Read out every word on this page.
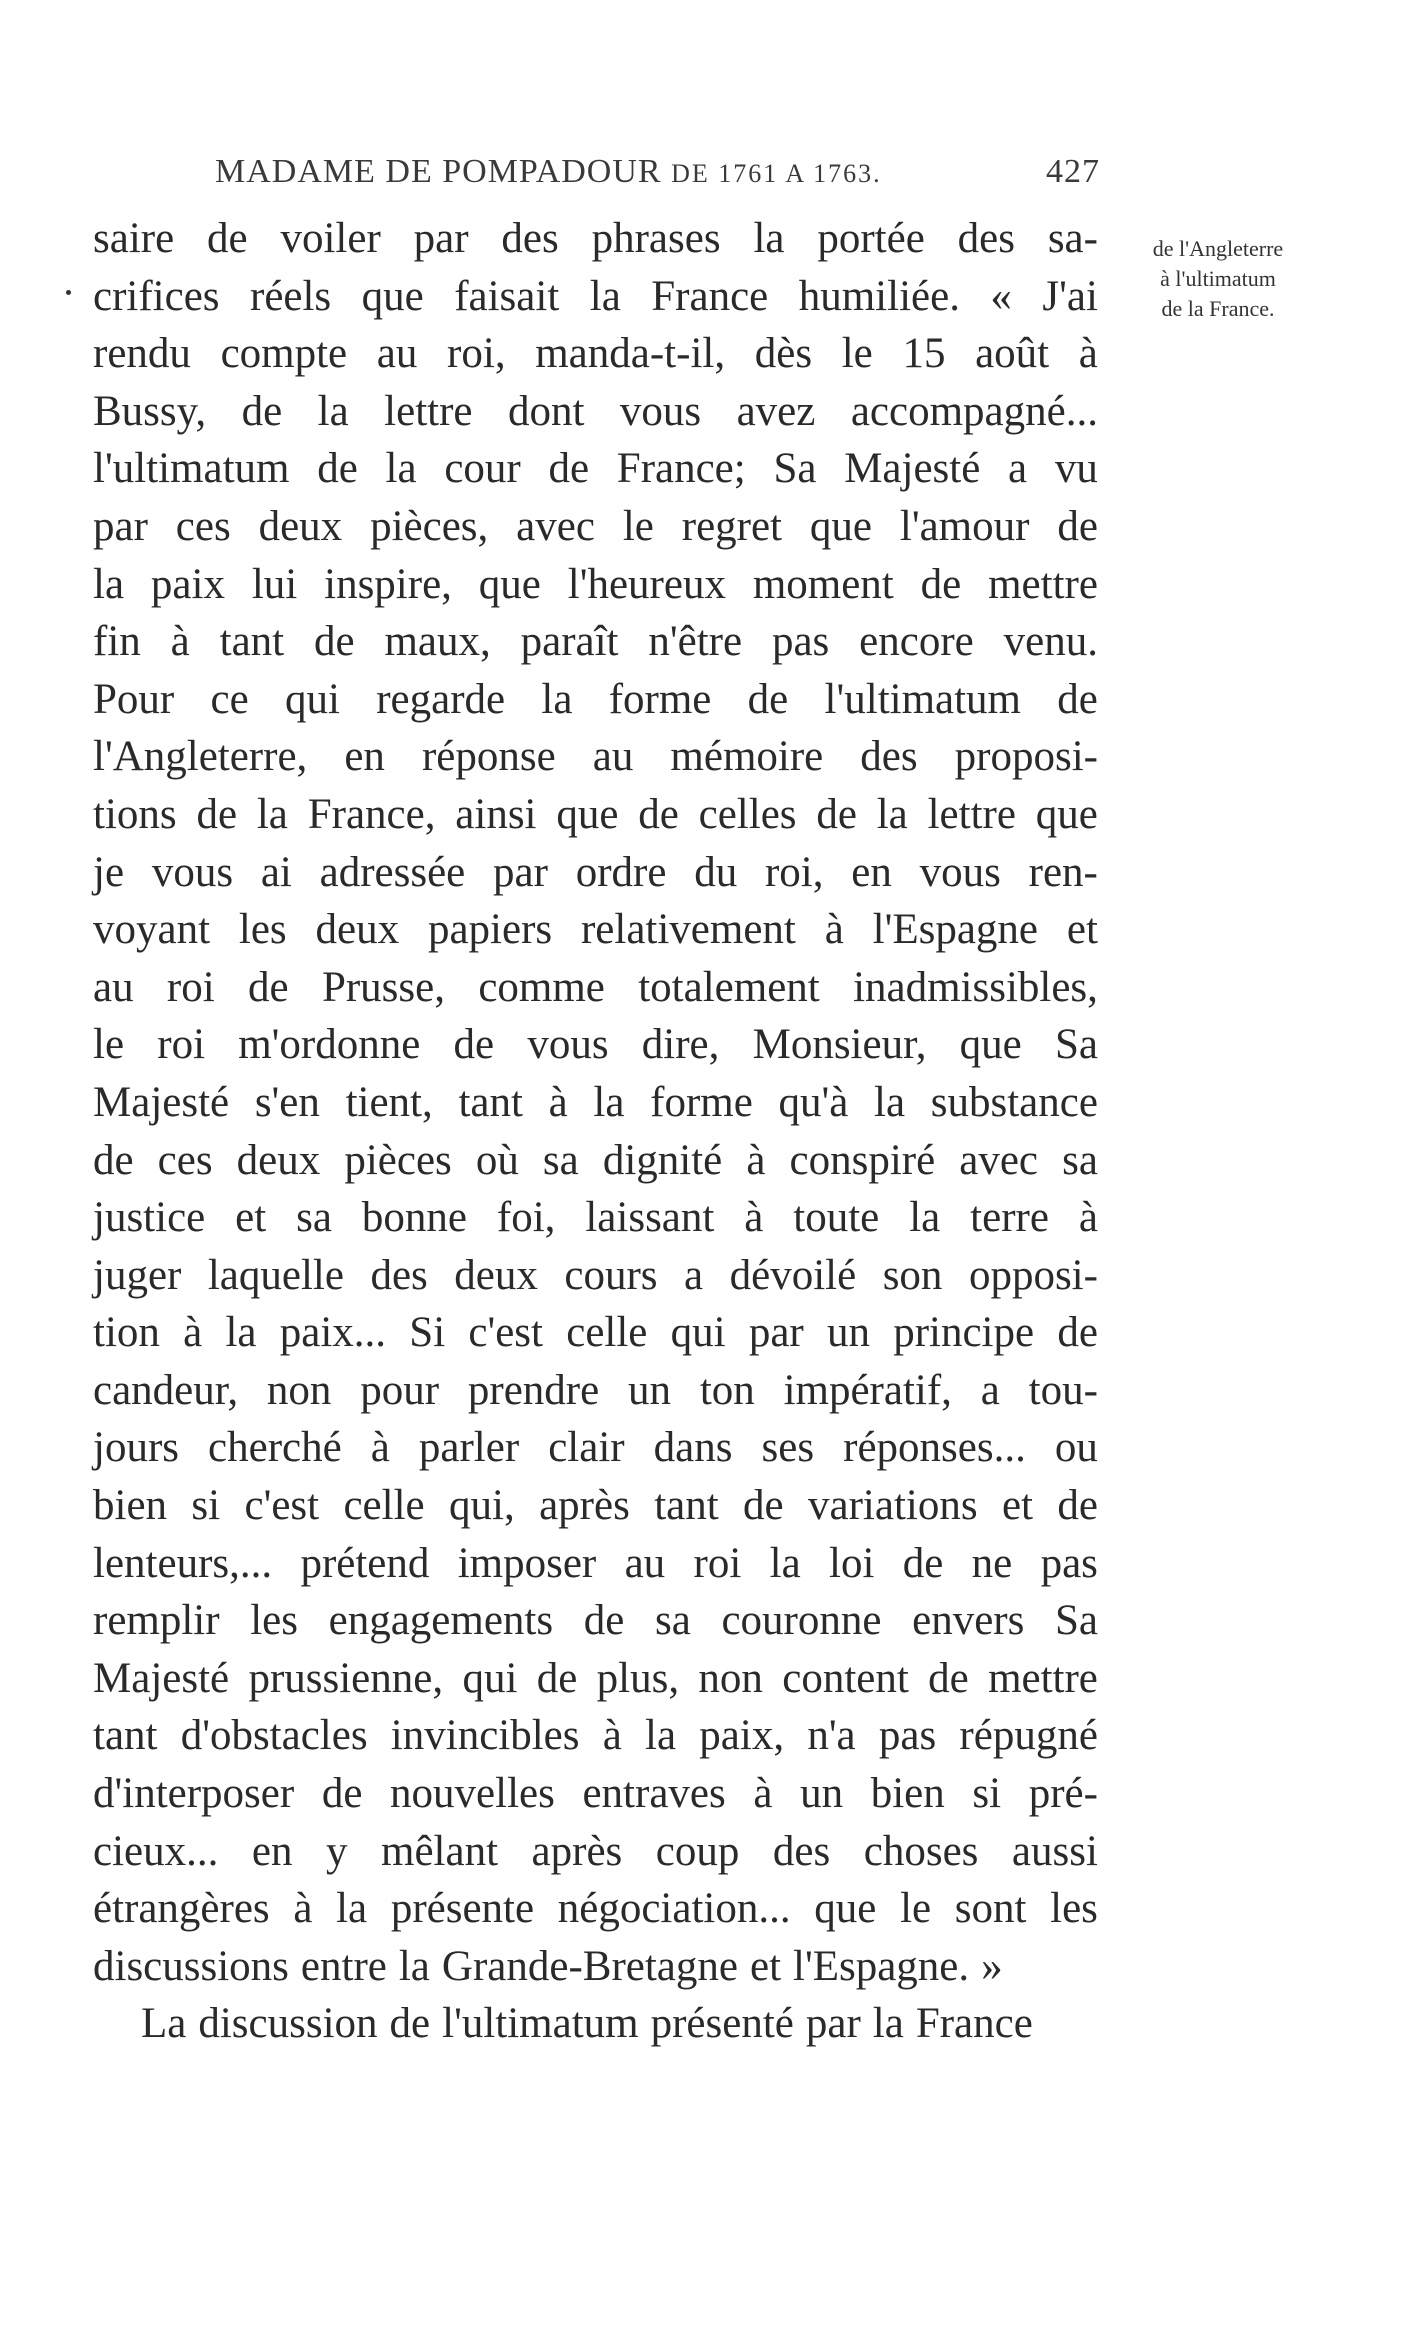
MADAME DE POMPADOUR DE 1761 A 1763.	427
de l'Angleterre
à l'ultimatum
de la France.
saire de voiler par des phrases la portée des sa-
crifices réels que faisait la France humiliée. « J'ai
rendu compte au roi, manda-t-il, dès le 15 août à
Bussy, de la lettre dont vous avez accompagné...
l'ultimatum de la cour de France; Sa Majesté a vu
par ces deux pièces, avec le regret que l'amour de
la paix lui inspire, que l'heureux moment de mettre
fin à tant de maux, paraît n'être pas encore venu.
Pour ce qui regarde la forme de l'ultimatum de
l'Angleterre, en réponse au mémoire des proposi-
tions de la France, ainsi que de celles de la lettre que
je vous ai adressée par ordre du roi, en vous ren-
voyant les deux papiers relativement à l'Espagne et
au roi de Prusse, comme totalement inadmissibles,
le roi m'ordonne de vous dire, Monsieur, que Sa
Majesté s'en tient, tant à la forme qu'à la substance
de ces deux pièces où sa dignité à conspiré avec sa
justice et sa bonne foi, laissant à toute la terre à
juger laquelle des deux cours a dévoilé son opposi-
tion à la paix... Si c'est celle qui par un principe de
candeur, non pour prendre un ton impératif, a tou-
jours cherché à parler clair dans ses réponses... ou
bien si c'est celle qui, après tant de variations et de
lenteurs,... prétend imposer au roi la loi de ne pas
remplir les engagements de sa couronne envers Sa
Majesté prussienne, qui de plus, non content de mettre
tant d'obstacles invincibles à la paix, n'a pas répugné
d'interposer de nouvelles entraves à un bien si pré-
cieux... en y mêlant après coup des choses aussi
étrangères à la présente négociation... que le sont les
discussions entre la Grande-Bretagne et l'Espagne. »
La discussion de l'ultimatum présenté par la France
